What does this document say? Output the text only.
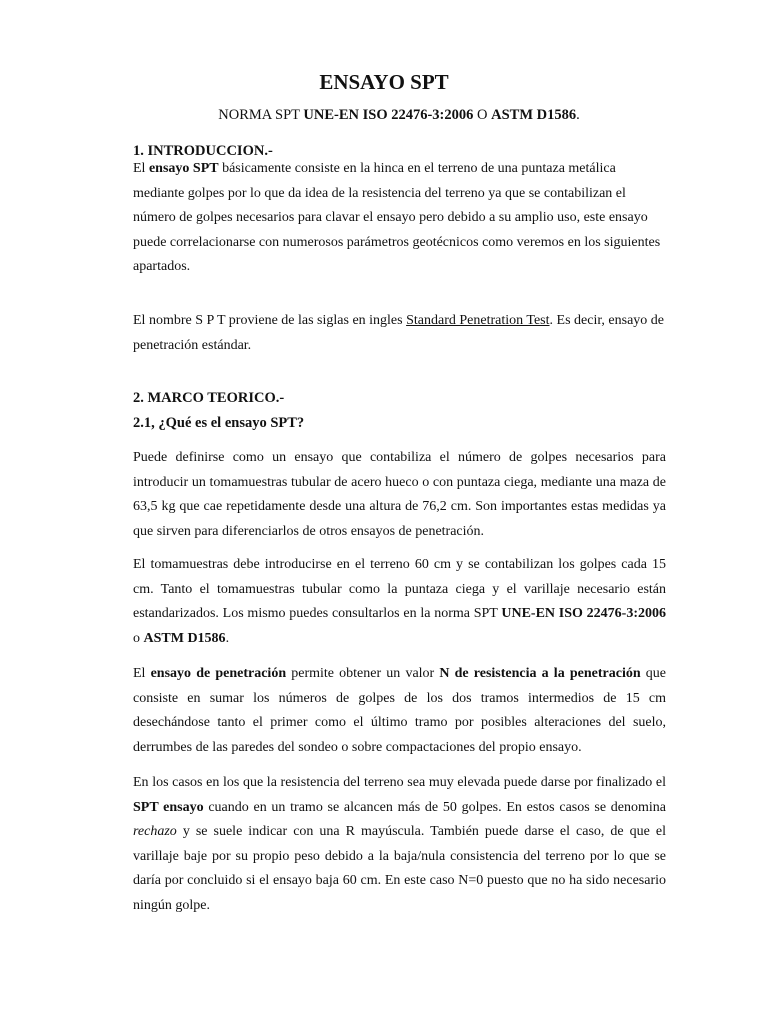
ENSAYO SPT
NORMA SPT UNE-EN ISO 22476-3:2006 O ASTM D1586.
1. INTRODUCCION.-
El ensayo SPT básicamente consiste en la hinca en el terreno de una puntaza metálica mediante golpes por lo que da idea de la resistencia del terreno ya que se contabilizan el número de golpes necesarios para clavar el ensayo pero debido a su amplio uso, este ensayo puede correlacionarse con numerosos parámetros geotécnicos como veremos en los siguientes apartados.
El nombre S P T proviene de las siglas en ingles Standard Penetration Test. Es decir, ensayo de penetración estándar.
2. MARCO TEORICO.-
2.1, ¿Qué es el ensayo SPT?
Puede definirse como un ensayo que contabiliza el número de golpes necesarios para introducir un tomamuestras tubular de acero hueco o con puntaza ciega, mediante una maza de 63,5 kg que cae repetidamente desde una altura de 76,2 cm. Son importantes estas medidas ya que sirven para diferenciarlos de otros ensayos de penetración.
El tomamuestras debe introducirse en el terreno 60 cm y se contabilizan los golpes cada 15 cm. Tanto el tomamuestras tubular como la puntaza ciega y el varillaje necesario están estandarizados. Los mismo puedes consultarlos en la norma SPT UNE-EN ISO 22476-3:2006 o ASTM D1586.
El ensayo de penetración permite obtener un valor N de resistencia a la penetración que consiste en sumar los números de golpes de los dos tramos intermedios de 15 cm desechándose tanto el primer como el último tramo por posibles alteraciones del suelo, derrumbes de las paredes del sondeo o sobre compactaciones del propio ensayo.
En los casos en los que la resistencia del terreno sea muy elevada puede darse por finalizado el SPT ensayo cuando en un tramo se alcancen más de 50 golpes. En estos casos se denomina rechazo y se suele indicar con una R mayúscula. También puede darse el caso, de que el varillaje baje por su propio peso debido a la baja/nula consistencia del terreno por lo que se daría por concluido si el ensayo baja 60 cm. En este caso N=0 puesto que no ha sido necesario ningún golpe.
